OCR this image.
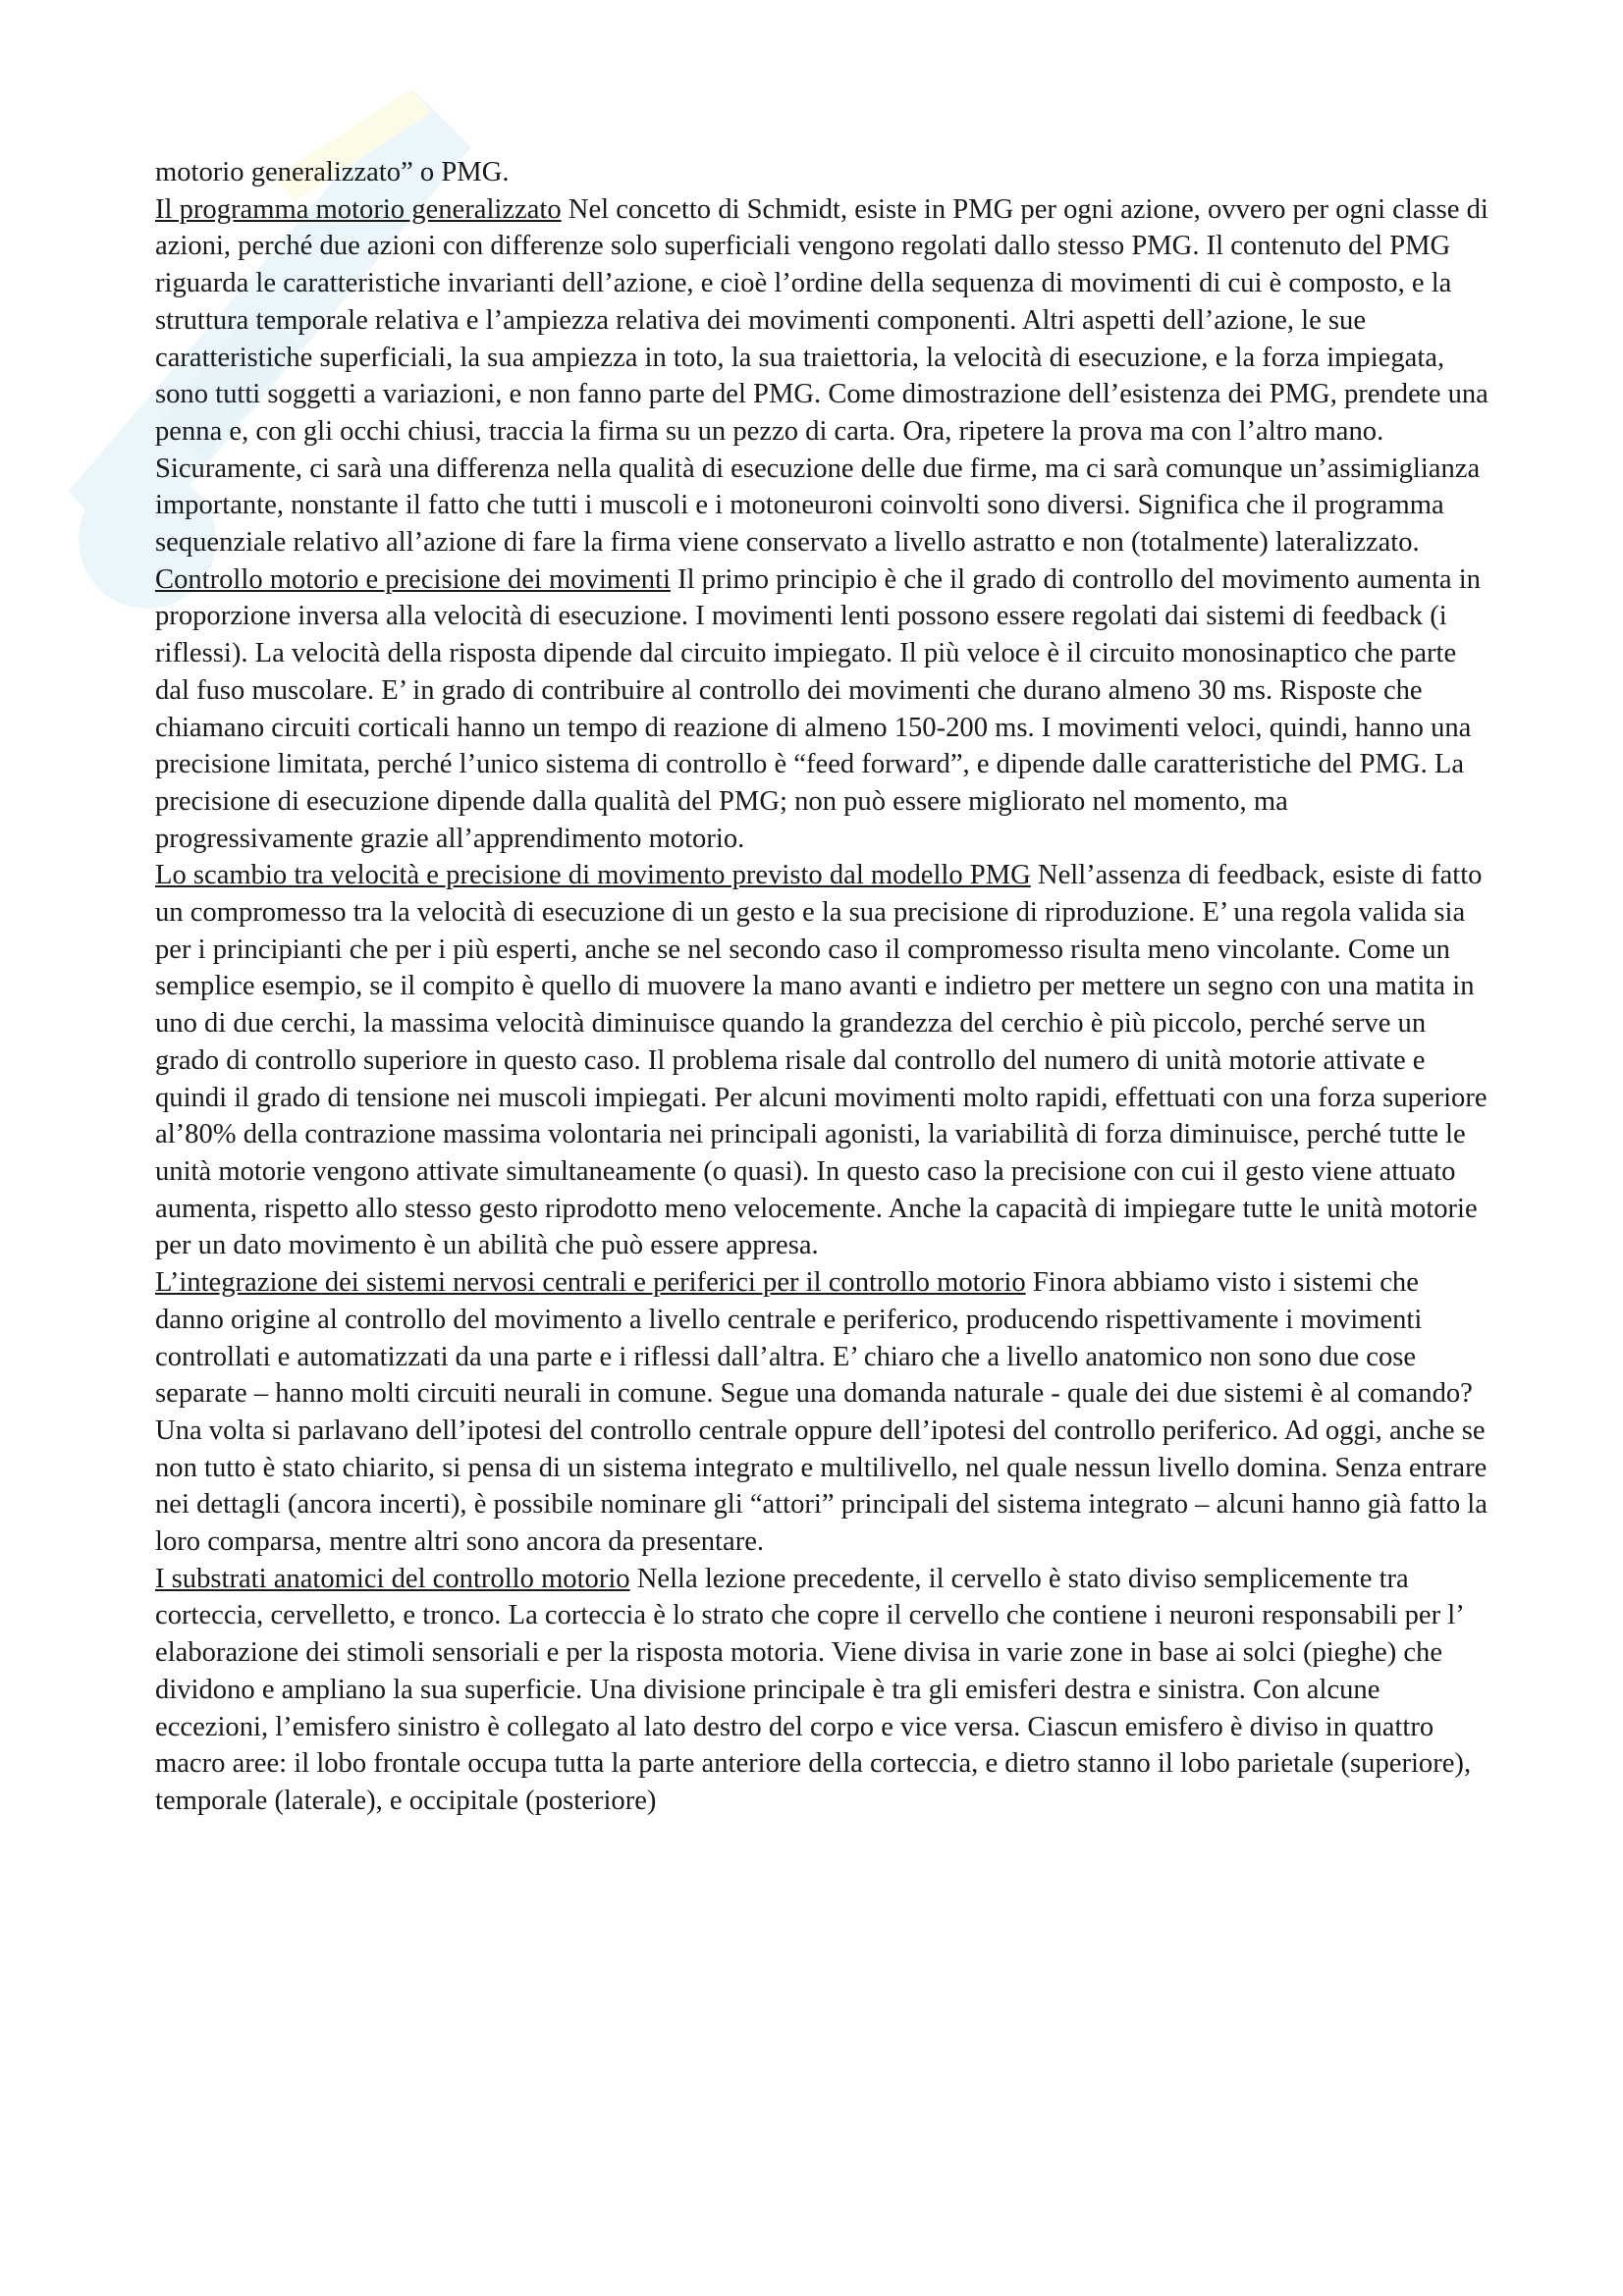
motorio generalizzato” o PMG.

Il programma motorio generalizzato Nel concetto di Schmidt, esiste in PMG per ogni azione, ovvero per ogni classe di azioni, perché due azioni con differenze solo superficiali vengono regolati dallo stesso PMG. Il contenuto del PMG riguarda le caratteristiche invarianti dell’azione, e cioè l’ordine della sequenza di movimenti di cui è composto, e la struttura temporale relativa e l’ampiezza relativa dei movimenti componenti. Altri aspetti dell’azione, le sue caratteristiche superficiali, la sua ampiezza in toto, la sua traiettoria, la velocità di esecuzione, e la forza impiegata, sono tutti soggetti a variazioni, e non fanno parte del PMG. Come dimostrazione dell’esistenza dei PMG, prendete una penna e, con gli occhi chiusi, traccia la firma su un pezzo di carta. Ora, ripetere la prova ma con l’altro mano. Sicuramente, ci sarà una differenza nella qualità di esecuzione delle due firme, ma ci sarà comunque un’assimiglianza importante, nonstante il fatto che tutti i muscoli e i motoneuroni coinvolti sono diversi. Significa che il programma sequenziale relativo all’azione di fare la firma viene conservato a livello astratto e non (totalmente) lateralizzato.

Controllo motorio e precisione dei movimenti Il primo principio è che il grado di controllo del movimento aumenta in proporzione inversa alla velocità di esecuzione. I movimenti lenti possono essere regolati dai sistemi di feedback (i riflessi). La velocità della risposta dipende dal circuito impiegato. Il più veloce è il circuito monosinaptico che parte dal fuso muscolare. E’ in grado di contribuire al controllo dei movimenti che durano almeno 30 ms. Risposte che chiamano circuiti corticali hanno un tempo di reazione di almeno 150-200 ms. I movimenti veloci, quindi, hanno una precisione limitata, perché l’unico sistema di controllo è “feed forward”, e dipende dalle caratteristiche del PMG. La precisione di esecuzione dipende dalla qualità del PMG; non può essere migliorato nel momento, ma progressivamente grazie all’apprendimento motorio.

Lo scambio tra velocità e precisione di movimento previsto dal modello PMG Nell’assenza di feedback, esiste di fatto un compromesso tra la velocità di esecuzione di un gesto e la sua precisione di riproduzione. E’ una regola valida sia per i principianti che per i più esperti, anche se nel secondo caso il compromesso risulta meno vincolante. Come un semplice esempio, se il compito è quello di muovere la mano avanti e indietro per mettere un segno con una matita in uno di due cerchi, la massima velocità diminuisce quando la grandezza del cerchio è più piccolo, perché serve un grado di controllo superiore in questo caso. Il problema risale dal controllo del numero di unità motorie attivate e quindi il grado di tensione nei muscoli impiegati. Per alcuni movimenti molto rapidi, effettuati con una forza superiore al’80% della contrazione massima volontaria nei principali agonisti, la variabilità di forza diminuisce, perché tutte le unità motorie vengono attivate simultaneamente (o quasi). In questo caso la precisione con cui il gesto viene attuato aumenta, rispetto allo stesso gesto riprodotto meno velocemente. Anche la capacità di impiegare tutte le unità motorie per un dato movimento è un abilità che può essere appresa.

L’integrazione dei sistemi nervosi centrali e periferici per il controllo motorio Finora abbiamo visto i sistemi che danno origine al controllo del movimento a livello centrale e periferico, producendo rispettivamente i movimenti controllati e automatizzati da una parte e i riflessi dall’altra. E’ chiaro che a livello anatomico non sono due cose separate – hanno molti circuiti neurali in comune. Segue una domanda naturale - quale dei due sistemi è al comando? Una volta si parlavano dell’ipotesi del controllo centrale oppure dell’ipotesi del controllo periferico. Ad oggi, anche se non tutto è stato chiarito, si pensa di un sistema integrato e multilivello, nel quale nessun livello domina. Senza entrare nei dettagli (ancora incerti), è possibile nominare gli “attori” principali del sistema integrato – alcuni hanno già fatto la loro comparsa, mentre altri sono ancora da presentare.

I substrati anatomici del controllo motorio Nella lezione precedente, il cervello è stato diviso semplicemente tra corteccia, cervelletto, e tronco. La corteccia è lo strato che copre il cervello che contiene i neuroni responsabili per l’ elaborazione dei stimoli sensoriali e per la risposta motoria. Viene divisa in varie zone in base ai solci (pieghe) che dividono e ampliano la sua superficie. Una divisione principale è tra gli emisferi destra e sinistra. Con alcune eccezioni, l’emisfero sinistro è collegato al lato destro del corpo e vice versa. Ciascun emisfero è diviso in quattro macro aree: il lobo frontale occupa tutta la parte anteriore della corteccia, e dietro stanno il lobo parietale (superiore), temporale (laterale), e occipitale (posteriore)
